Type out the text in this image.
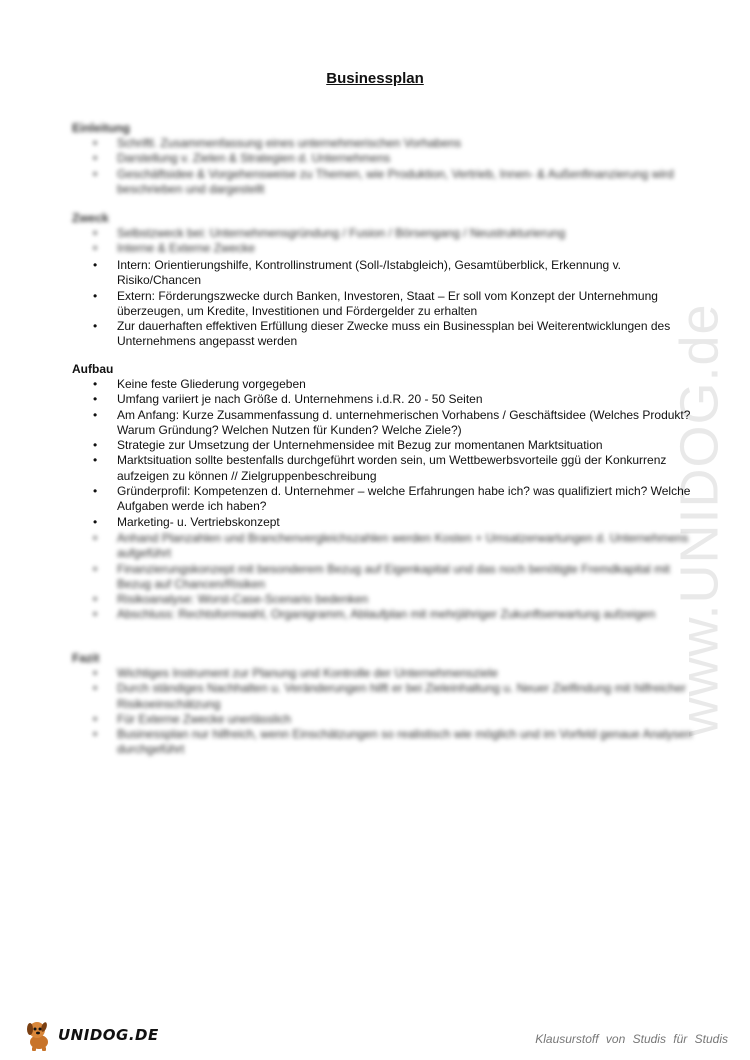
www.UNIDOG.de
Businessplan
Einleitung
• Schriftl. Zusammenfassung eines unternehmerischen Vorhabens
• Darstellung v. Zielen & Strategien d. Unternehmens
• Geschäftsidee & Vorgehensweise zu Themen, wie Produktion, Vertrieb, Innen- & Außenfinanzierung wird beschrieben und dargestellt
Zweck
• Selbstzweck bei: Unternehmensgründung / Fusion / Börsengang / Neustrukturierung
• Interne & Externe Zwecke
• Intern: Orientierungshilfe, Kontrollinstrument (Soll-/Istabgleich), Gesamtüberblick, Erkennung v. Risiko/Chancen
• Extern: Förderungszwecke durch Banken, Investoren, Staat – Er soll vom Konzept der Unternehmung überzeugen, um Kredite, Investitionen und Fördergelder zu erhalten
• Zur dauerhaften effektiven Erfüllung dieser Zwecke muss ein Businessplan bei Weiterentwicklungen des Unternehmens angepasst werden
Aufbau
• Keine feste Gliederung vorgegeben
• Umfang variiert je nach Größe d. Unternehmens i.d.R. 20 - 50 Seiten
• Am Anfang: Kurze Zusammenfassung d. unternehmerischen Vorhabens / Geschäftsidee (Welches Produkt? Warum Gründung? Welchen Nutzen für Kunden? Welche Ziele?)
• Strategie zur Umsetzung der Unternehmensidee mit Bezug zur momentanen Marktsituation
• Marktsituation sollte bestenfalls durchgeführt worden sein, um Wettbewerbsvorteile ggü der Konkurrenz aufzeigen zu können // Zielgruppenbeschreibung
• Gründerprofil: Kompetenzen d. Unternehmer – welche Erfahrungen habe ich? was qualifiziert mich? Welche Aufgaben werde ich haben?
• Marketing- u. Vertriebskonzept
• Anhand Planzahlen und Branchenvergleichszahlen werden Kosten + Umsatzerwartungen d. Unternehmens aufgeführt
• Finanzierungskonzept mit besonderem Bezug auf Eigenkapital und das noch benötigte Fremdkapital mit Bezug auf Chancen/Risiken
• Risikoanalyse: Worst-Case-Scenario bedenken
• Abschluss: Rechtsformwahl, Organigramm, Ablaufplan mit mehrjähriger Zukunftserwartung aufzeigen
Fazit
• Wichtiges Instrument zur Planung und Kontrolle der Unternehmensziele
• Durch ständiges Nachhalten u. Veränderungen hilft er bei Zieleinhaltung u. Neuer Zielfindung mit hilfreicher Risikoeinschätzung
• Für Externe Zwecke unerlässlich
• Businessplan nur hilfreich, wenn Einschätzungen so realistisch wie möglich und im Vorfeld genaue Analysen durchgeführt
UNIDOG.DE	Klausurstoff von Studis für Studis
